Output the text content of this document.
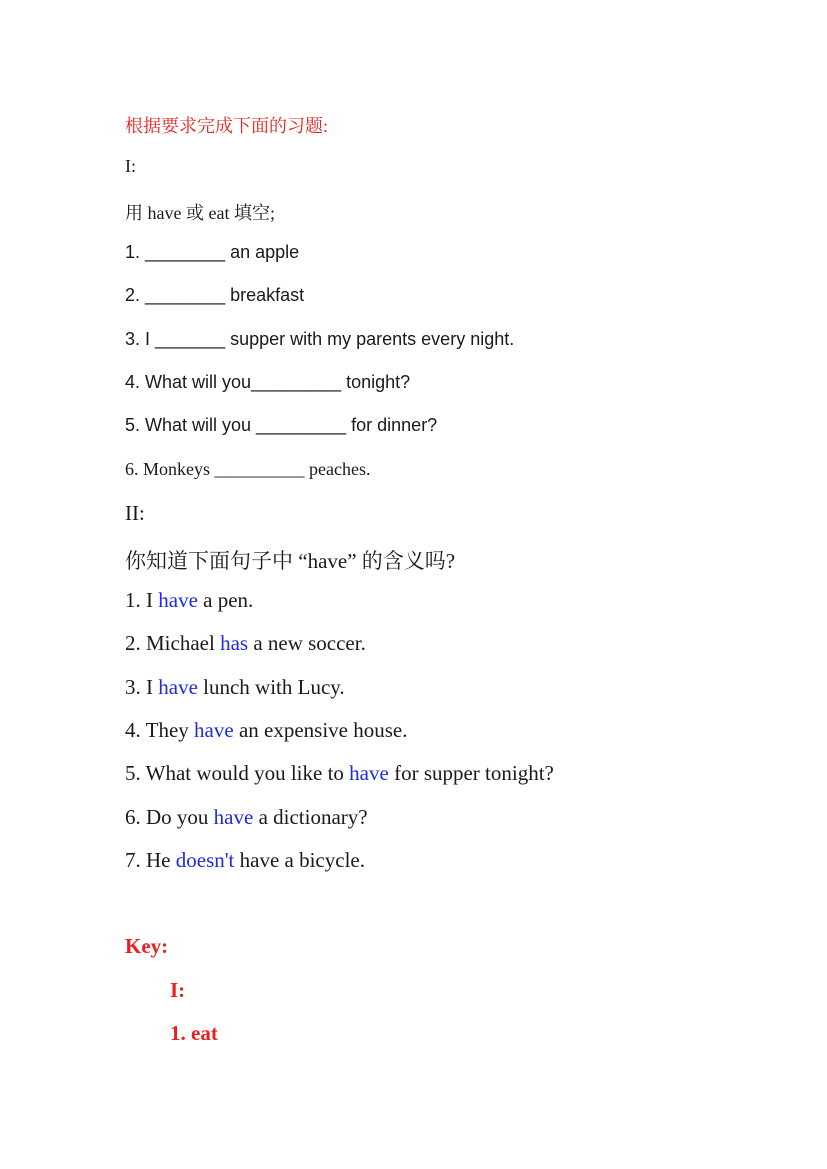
根据要求完成下面的习题:
I:
用 have 或 eat 填空;
1. ________ an apple
2. ________ breakfast
3. I _______ supper with my parents every night.
4. What will you_________ tonight?
5. What will you _________ for dinner?
6. Monkeys __________ peaches.
II:
你知道下面句子中 “have” 的含义吗?
1. I have a pen.
2. Michael has a new soccer.
3. I have lunch with Lucy.
4. They have an expensive house.
5. What would you like to have for supper tonight?
6. Do you have a dictionary?
7. He doesn't have a bicycle.
Key:
I:
1. eat
